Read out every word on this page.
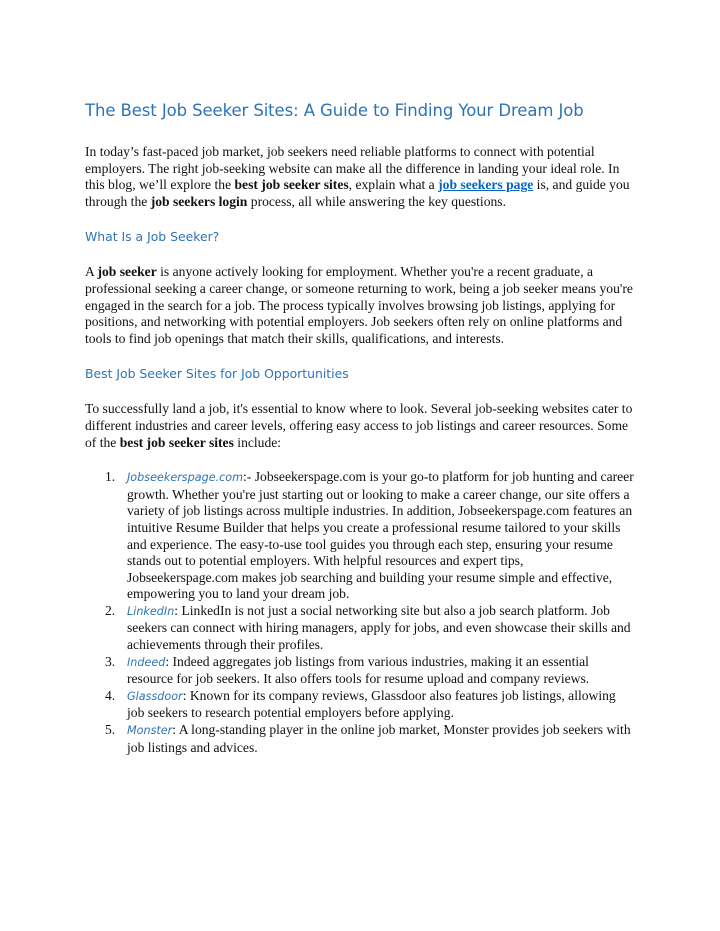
The Best Job Seeker Sites: A Guide to Finding Your Dream Job

In today’s fast-paced job market, job seekers need reliable platforms to connect with potential employers. The right job-seeking website can make all the difference in landing your ideal role. In this blog, we’ll explore the best job seeker sites, explain what a job seekers page is, and guide you through the job seekers login process, all while answering the key questions.

What Is a Job Seeker?

A job seeker is anyone actively looking for employment. Whether you're a recent graduate, a professional seeking a career change, or someone returning to work, being a job seeker means you're engaged in the search for a job. The process typically involves browsing job listings, applying for positions, and networking with potential employers. Job seekers often rely on online platforms and tools to find job openings that match their skills, qualifications, and interests.

Best Job Seeker Sites for Job Opportunities

To successfully land a job, it's essential to know where to look. Several job-seeking websites cater to different industries and career levels, offering easy access to job listings and career resources. Some of the best job seeker sites include:

1. Jobseekerspage.com:- Jobseekerspage.com is your go-to platform for job hunting and career growth. Whether you're just starting out or looking to make a career change, our site offers a variety of job listings across multiple industries. In addition, Jobseekerspage.com features an intuitive Resume Builder that helps you create a professional resume tailored to your skills and experience. The easy-to-use tool guides you through each step, ensuring your resume stands out to potential employers. With helpful resources and expert tips, Jobseekerspage.com makes job searching and building your resume simple and effective, empowering you to land your dream job.
2. LinkedIn: LinkedIn is not just a social networking site but also a job search platform. Job seekers can connect with hiring managers, apply for jobs, and even showcase their skills and achievements through their profiles.
3. Indeed: Indeed aggregates job listings from various industries, making it an essential resource for job seekers. It also offers tools for resume upload and company reviews.
4. Glassdoor: Known for its company reviews, Glassdoor also features job listings, allowing job seekers to research potential employers before applying.
5. Monster: A long-standing player in the online job market, Monster provides job seekers with job listings and advices.
